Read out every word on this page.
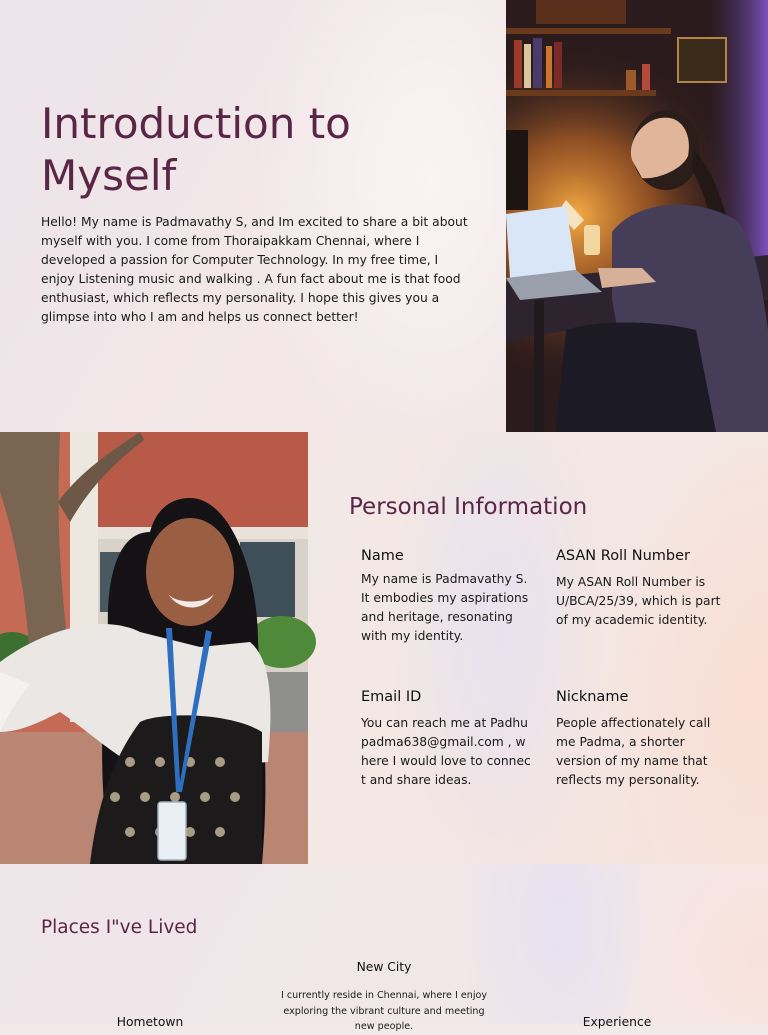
Introduction to Myself

Hello! My name is Padmavathy S, and Im excited to share a bit about myself with you. I come from Thoraipakkam Chennai, where I developed a passion for Computer Technology. In my free time, I enjoy Listening music and walking . A fun fact about me is that food enthusiast, which reflects my personality. I hope this gives you a glimpse into who I am and helps us connect better!

Personal Information
Name

My name is Padmavathy S. It embodies my aspirations and heritage, resonating with my identity.

ASAN Roll Number

My ASAN Roll Number is U/BCA/25/39, which is part of my academic identity.

Email ID

You can reach me at Padhupadma638@gmail.com , where I would love to connect and share ideas.

Nickname

People affectionately call me Padma, a shorter version of my name that reflects my personality.

Places I"ve Lived
New City

I currently reside in Chennai, where I enjoy exploring the vibrant culture and meeting new people.

Hometown	Experience
